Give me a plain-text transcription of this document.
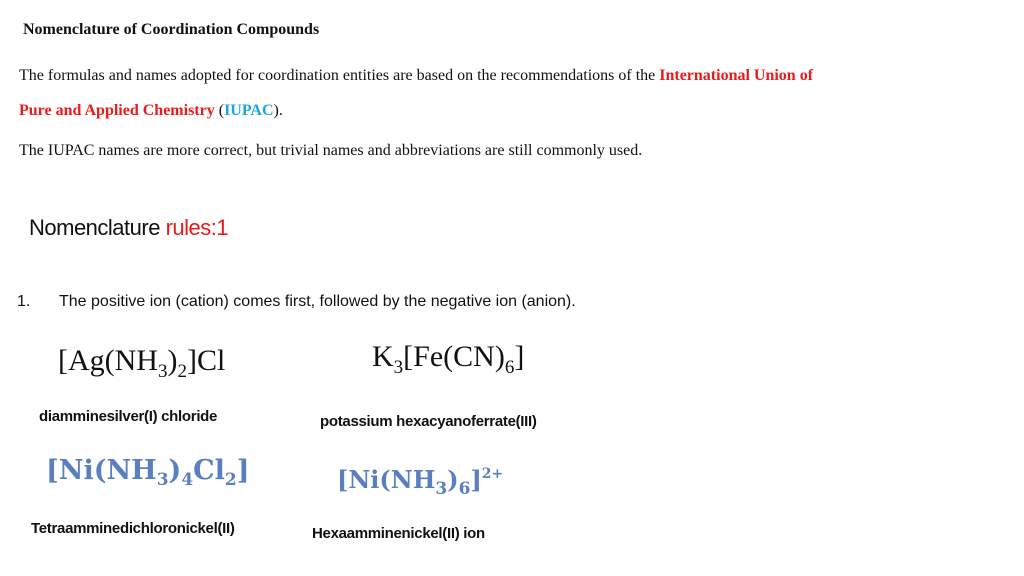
Nomenclature of Coordination Compounds
The formulas and names adopted for coordination entities are based on the recommendations of the International Union of
Pure and Applied Chemistry (IUPAC).
The IUPAC names are more correct, but trivial names and abbreviations are still commonly used.
Nomenclature rules:1
1. The positive ion (cation) comes first, followed by the negative ion (anion).
$[Ag(NH_3)_2]Cl$
diamminesilver(I) chloride
$K_3[Fe(CN)_6]$
potassium hexacyanoferrate(III)
$[Ni(NH_3)_4Cl_2]$
Tetraamminedichloronickel(II)
$[Ni(NH_3)_6]^{2+}$
Hexaamminenickel(II) ion
